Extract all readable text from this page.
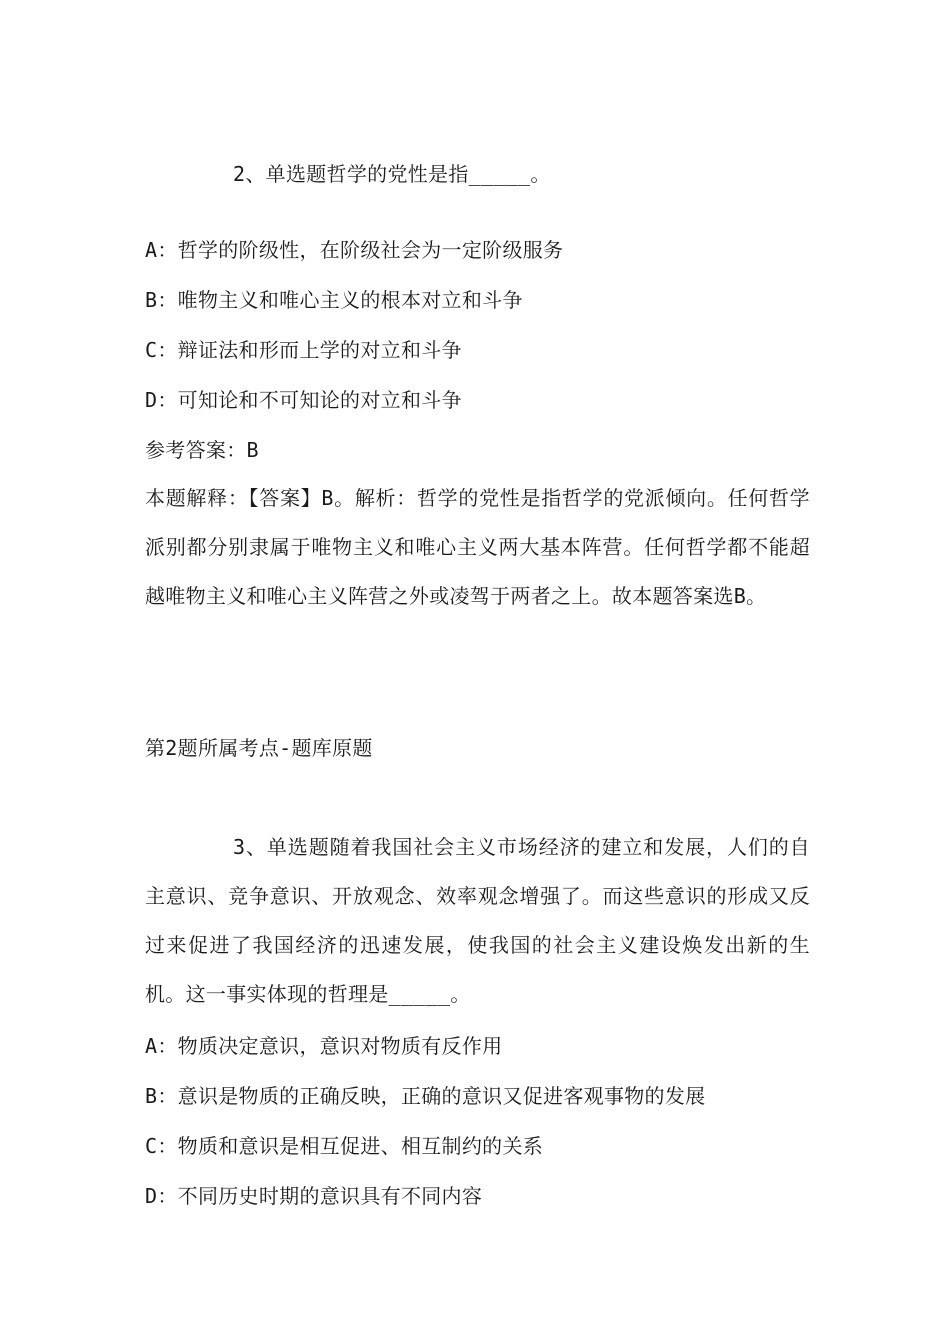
2、单选题哲学的党性是指_____。
A：哲学的阶级性，在阶级社会为一定阶级服务
B：唯物主义和唯心主义的根本对立和斗争
C：辩证法和形而上学的对立和斗争
D：可知论和不可知论的对立和斗争
参考答案：B
本题解释：【答案】B。解析：哲学的党性是指哲学的党派倾向。任何哲学派别都分别隶属于唯物主义和唯心主义两大基本阵营。任何哲学都不能超越唯物主义和唯心主义阵营之外或凌驾于两者之上。故本题答案选B。
第2题所属考点-题库原题
3、单选题随着我国社会主义市场经济的建立和发展，人们的自主意识、竞争意识、开放观念、效率观念增强了。而这些意识的形成又反过来促进了我国经济的迅速发展，使我国的社会主义建设焕发出新的生机。这一事实体现的哲理是_____。
A：物质决定意识，意识对物质有反作用
B：意识是物质的正确反映，正确的意识又促进客观事物的发展
C：物质和意识是相互促进、相互制约的关系
D：不同历史时期的意识具有不同内容
